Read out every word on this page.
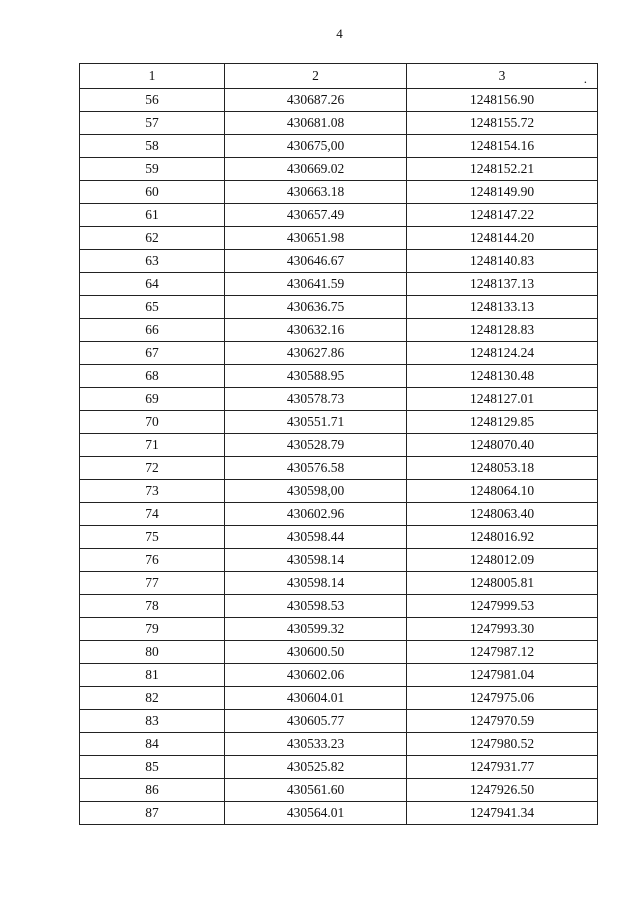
4
1	2	3 .

56	430687.26	1248156.90
57	430681.08	1248155.72
58	430675,00	1248154.16
59	430669.02	1248152.21
60	430663.18	1248149.90
61	430657.49	1248147.22
62	430651.98	1248144.20
63	430646.67	1248140.83
64	430641.59	1248137.13
65	430636.75	1248133.13
66	430632.16	1248128.83
67	430627.86	1248124.24
68	430588.95	1248130.48
69	430578.73	1248127.01
70	430551.71	1248129.85
71	430528.79	1248070.40
72	430576.58	1248053.18
73	430598,00	1248064.10
74	430602.96	1248063.40
75	430598.44	1248016.92
76	430598.14	1248012.09
77	430598.14	1248005.81
78	430598.53	1247999.53
79	430599.32	1247993.30
80	430600.50	1247987.12
81	430602.06	1247981.04
82	430604.01	1247975.06
83	430605.77	1247970.59
84	430533.23	1247980.52
85	430525.82	1247931.77
86	430561.60	1247926.50
87	430564.01	1247941.34
